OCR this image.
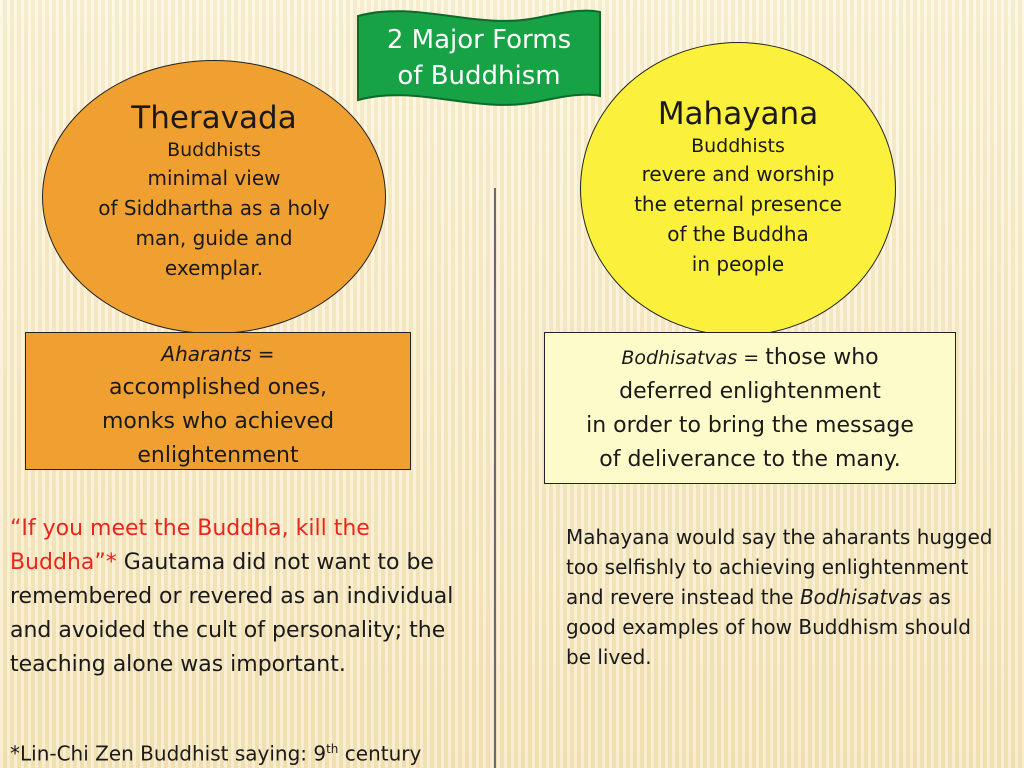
2 Major Forms
of Buddhism
Theravada
Buddhists
minimal view
of Siddhartha as a holy
man, guide and
exemplar.
Mahayana
Buddhists
revere and worship
the eternal presence
of the Buddha
in people
Aharants =
accomplished ones,
monks who achieved
enlightenment
Bodhisatvas = those who
deferred enlightenment
in order to bring the message
of deliverance to the many.
“If you meet the Buddha, kill the Buddha”* Gautama did not want to be remembered or revered as an individual and avoided the cult of personality; the teaching alone was important.
*Lin-Chi Zen Buddhist saying: 9th century
Mahayana would say the aharants hugged too selfishly to achieving enlightenment and revere instead the Bodhisatvas as good examples of how Buddhism should be lived.
